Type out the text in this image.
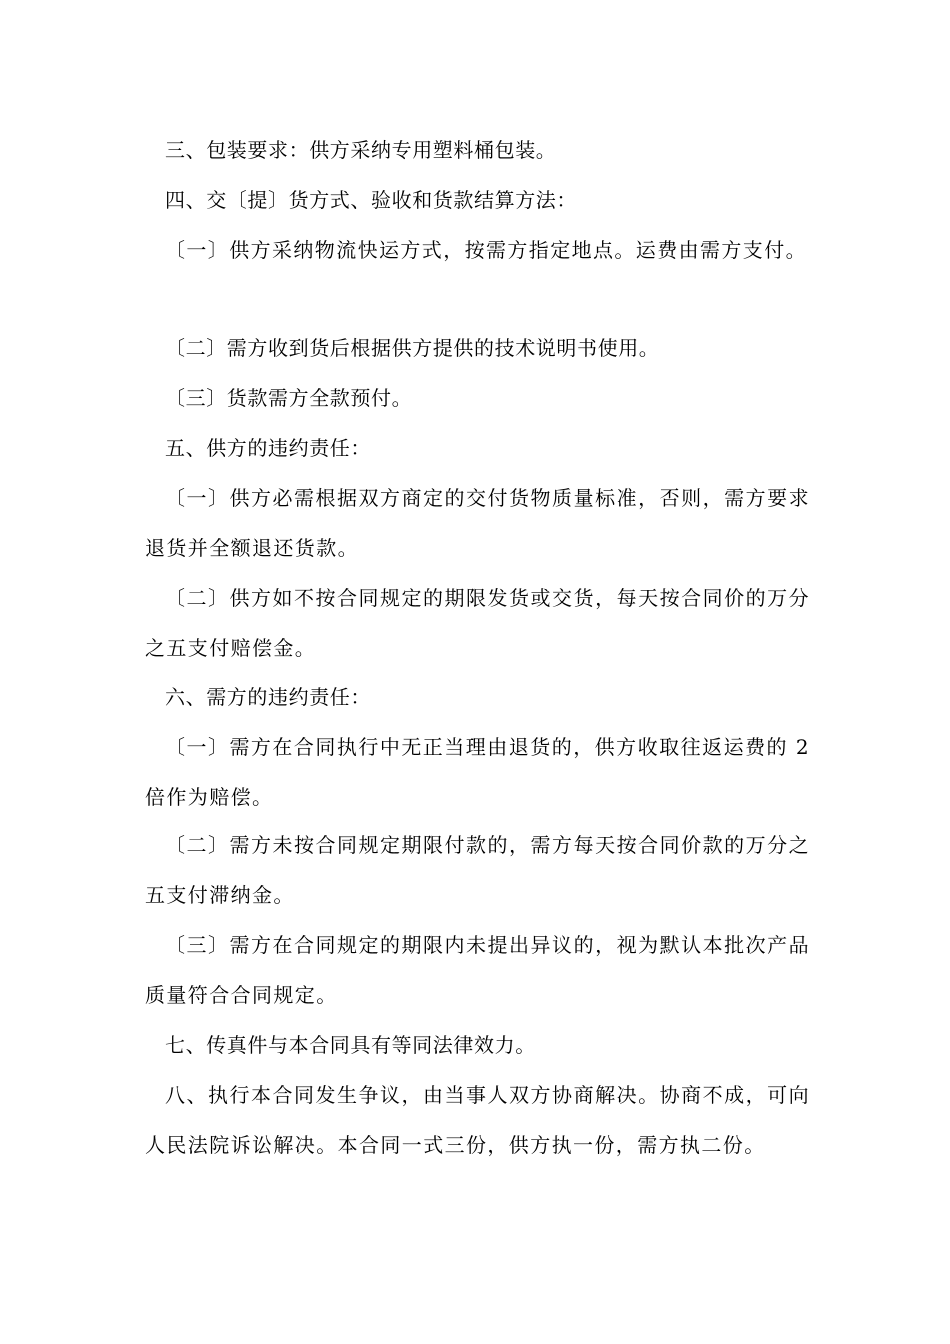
三、包装要求：供方采纳专用塑料桶包装。

四、交〔提〕货方式、验收和货款结算方法：

〔一〕供方采纳物流快运方式，按需方指定地点。运费由需方支付。

〔二〕需方收到货后根据供方提供的技术说明书使用。

〔三〕货款需方全款预付。

五、供方的违约责任：

〔一〕供方必需根据双方商定的交付货物质量标准，否则，需方要求退货并全额退还货款。

〔二〕供方如不按合同规定的期限发货或交货，每天按合同价的万分之五支付赔偿金。

六、需方的违约责任：

〔一〕需方在合同执行中无正当理由退货的，供方收取往返运费的 2 倍作为赔偿。

〔二〕需方未按合同规定期限付款的，需方每天按合同价款的万分之五支付滞纳金。

〔三〕需方在合同规定的期限内未提出异议的，视为默认本批次产品质量符合合同规定。

七、传真件与本合同具有等同法律效力。

八、执行本合同发生争议，由当事人双方协商解决。协商不成，可向人民法院诉讼解决。本合同一式三份，供方执一份，需方执二份。
